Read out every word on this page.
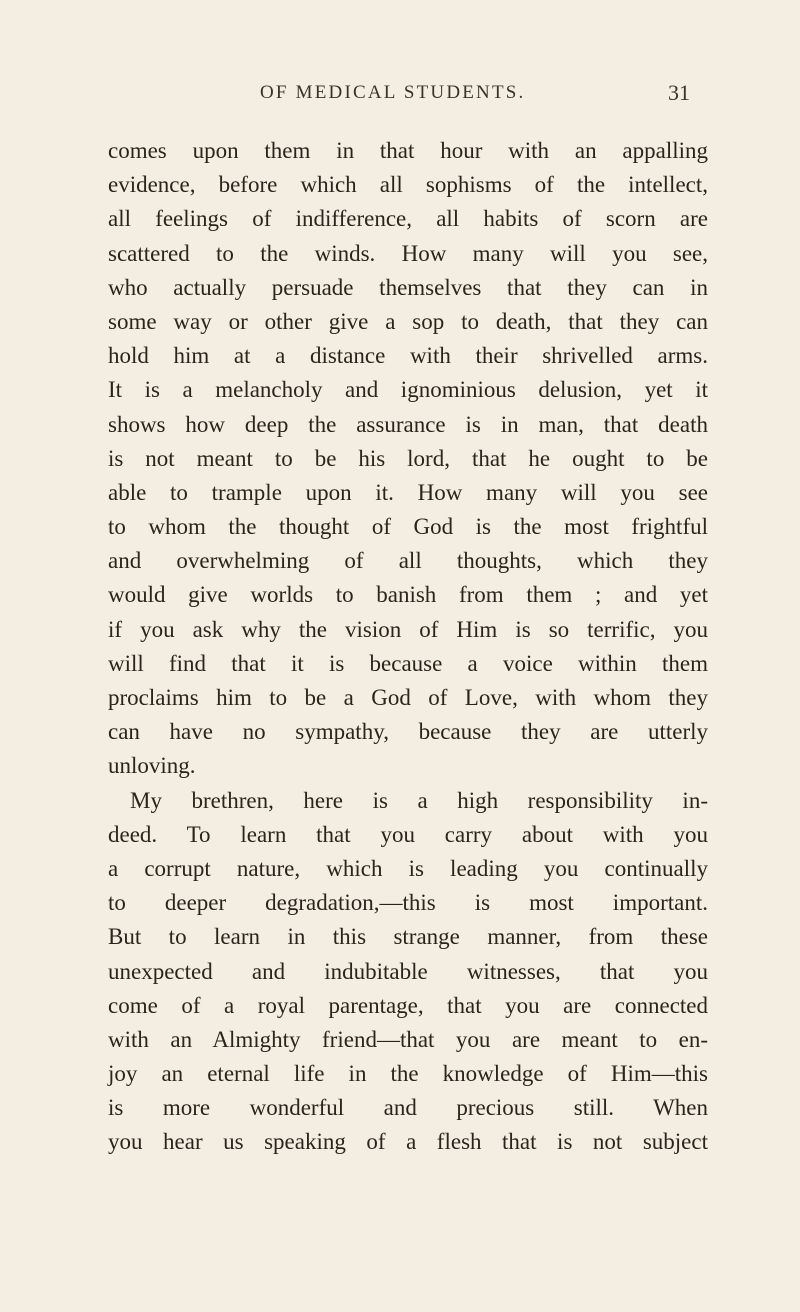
OF MEDICAL STUDENTS.	31
comes upon them in that hour with an appalling
evidence, before which all sophisms of the intellect,
all feelings of indifference, all habits of scorn are
scattered to the winds. How many will you see,
who actually persuade themselves that they can in
some way or other give a sop to death, that they can
hold him at a distance with their shrivelled arms.
It is a melancholy and ignominious delusion, yet it
shows how deep the assurance is in man, that death
is not meant to be his lord, that he ought to be
able to trample upon it. How many will you see
to whom the thought of God is the most frightful
and overwhelming of all thoughts, which they
would give worlds to banish from them ; and yet
if you ask why the vision of Him is so terrific, you
will find that it is because a voice within them
proclaims him to be a God of Love, with whom they
can have no sympathy, because they are utterly
unloving.
My brethren, here is a high responsibility in-
deed. To learn that you carry about with you
a corrupt nature, which is leading you continually
to deeper degradation,—this is most important.
But to learn in this strange manner, from these
unexpected and indubitable witnesses, that you
come of a royal parentage, that you are connected
with an Almighty friend—that you are meant to en-
joy an eternal life in the knowledge of Him—this
is more wonderful and precious still. When
you hear us speaking of a flesh that is not subject
